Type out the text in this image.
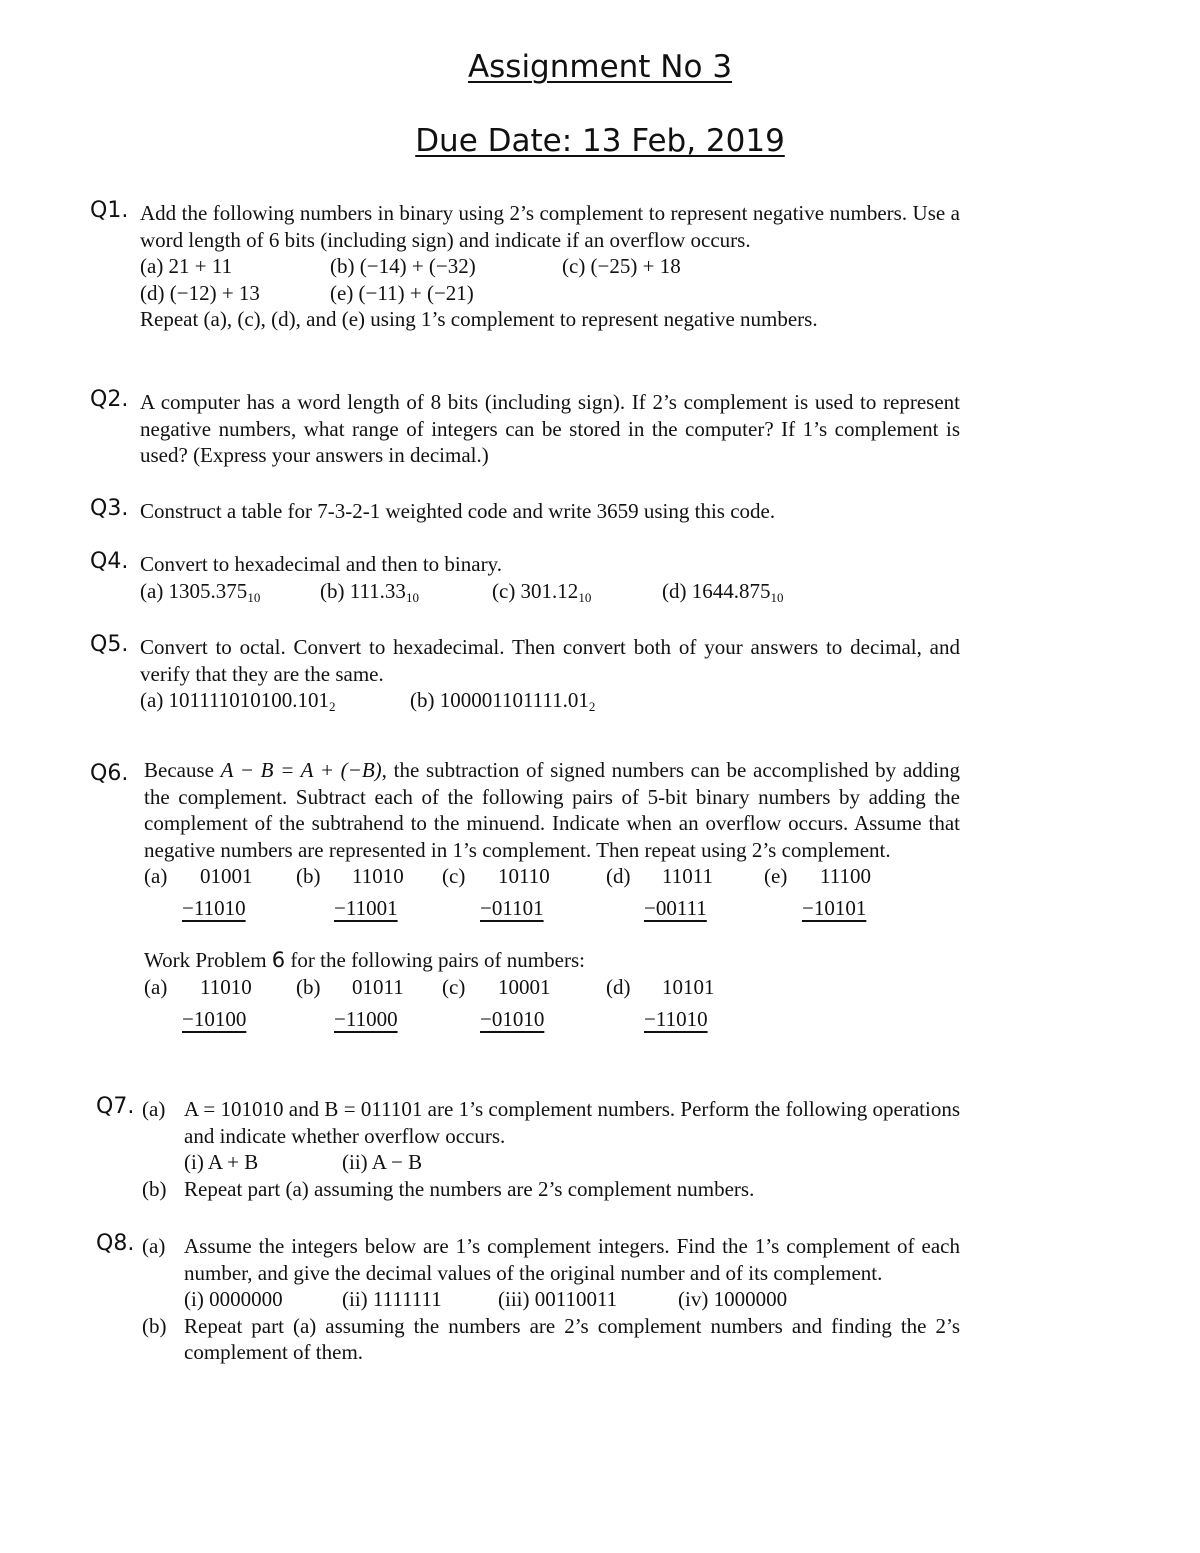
Assignment No 3
Due Date: 13 Feb, 2019
Q1. Add the following numbers in binary using 2’s complement to represent negative numbers. Use a word length of 6 bits (including sign) and indicate if an overflow occurs.
(a) 21 + 11	(b) (−14) + (−32)	(c) (−25) + 18
(d) (−12) + 13	(e) (−11) + (−21)
Repeat (a), (c), (d), and (e) using 1’s complement to represent negative numbers.
Q2. A computer has a word length of 8 bits (including sign). If 2’s complement is used to represent negative numbers, what range of integers can be stored in the computer? If 1’s complement is used? (Express your answers in decimal.)
Q3. Construct a table for 7-3-2-1 weighted code and write 3659 using this code.
Q4. Convert to hexadecimal and then to binary.
(a) $1305.375_{10}$	(b) $111.33_{10}$	(c) $301.12_{10}$	(d) $1644.875_{10}$
Q5. Convert to octal. Convert to hexadecimal. Then convert both of your answers to decimal, and verify that they are the same.
(a) $101111010100.101_2$	(b) $100001101111.01_2$
Q6. Because A − B = A + (−B), the subtraction of signed numbers can be accomplished by adding the complement. Subtract each of the following pairs of 5-bit binary numbers by adding the complement of the subtrahend to the minuend. Indicate when an overflow occurs. Assume that negative numbers are represented in 1’s complement. Then repeat using 2’s complement.
(a) 01001
−11010
(b) 11010
−11001
(c) 10110
−01101
(d) 11011
−00111
(e) 11100
−10101
Work Problem 6 for the following pairs of numbers:
(a) 11010
−10100
(b) 01011
−11000
(c) 10001
−01010
(d) 10101
−11010
Q7. (a) A = 101010 and B = 011101 are 1’s complement numbers. Perform the following operations and indicate whether overflow occurs.
(i) A + B	(ii) A − B
(b) Repeat part (a) assuming the numbers are 2’s complement numbers.
Q8. (a) Assume the integers below are 1’s complement integers. Find the 1’s complement of each number, and give the decimal values of the original number and of its complement.
(i) 0000000	(ii) 1111111	(iii) 00110011	(iv) 1000000
(b) Repeat part (a) assuming the numbers are 2’s complement numbers and finding the 2’s complement of them.
